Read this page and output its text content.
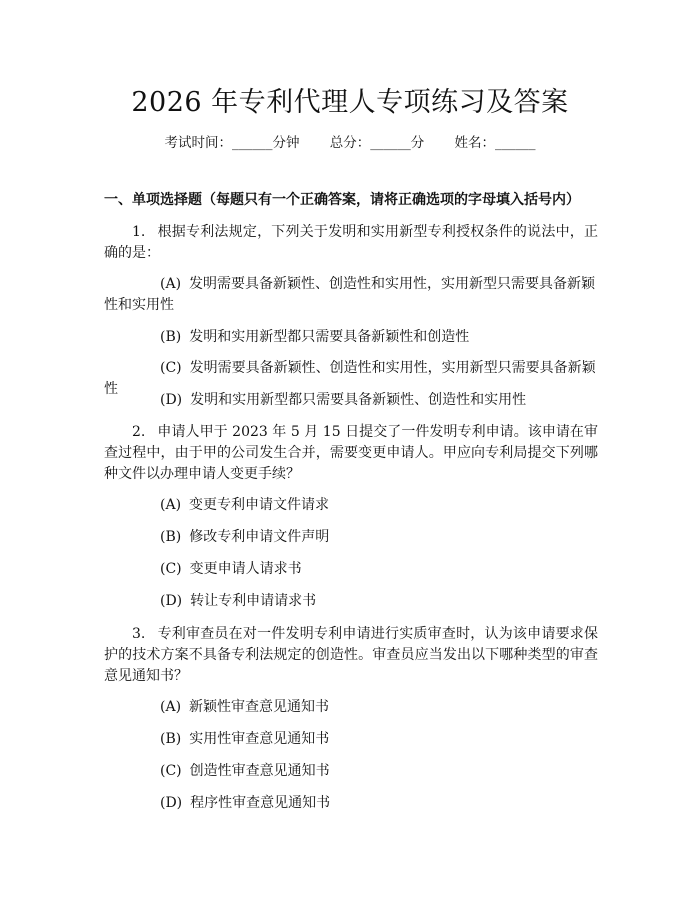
2026 年专利代理人专项练习及答案
考试时间：______分钟 总分：______分 姓名：______
一、单项选择题（每题只有一个正确答案，请将正确选项的字母填入括号内）
1. 根据专利法规定，下列关于发明和实用新型专利授权条件的说法中，正确的是：
(A) 发明需要具备新颖性、创造性和实用性，实用新型只需要具备新颖性和实用性
(B) 发明和实用新型都只需要具备新颖性和创造性
(C) 发明需要具备新颖性、创造性和实用性，实用新型只需要具备新颖性
(D) 发明和实用新型都只需要具备新颖性、创造性和实用性
2. 申请人甲于 2023 年 5 月 15 日提交了一件发明专利申请。该申请在审查过程中，由于甲的公司发生合并，需要变更申请人。甲应向专利局提交下列哪种文件以办理申请人变更手续？
(A) 变更专利申请文件请求
(B) 修改专利申请文件声明
(C) 变更申请人请求书
(D) 转让专利申请请求书
3. 专利审查员在对一件发明专利申请进行实质审查时，认为该申请要求保护的技术方案不具备专利法规定的创造性。审查员应当发出以下哪种类型的审查意见通知书？
(A) 新颖性审查意见通知书
(B) 实用性审查意见通知书
(C) 创造性审查意见通知书
(D) 程序性审查意见通知书
